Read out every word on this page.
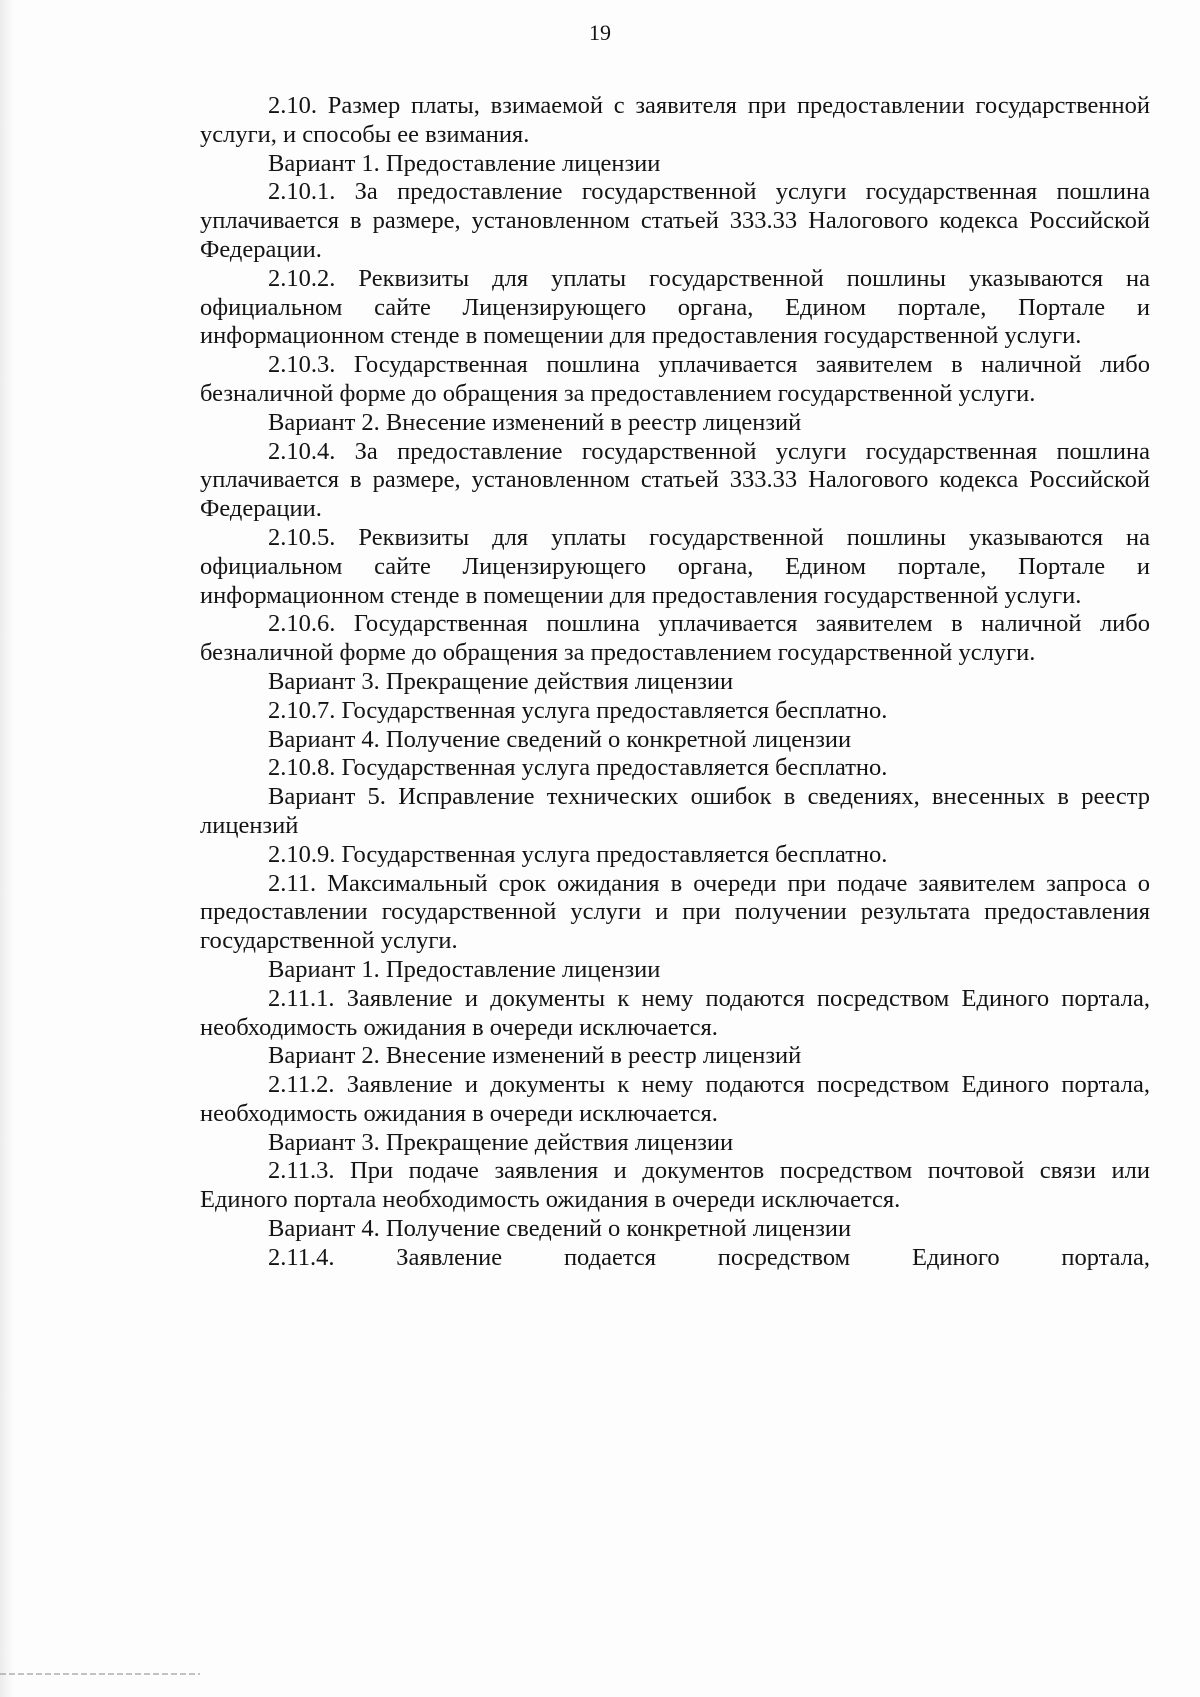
19

2.10. Размер платы, взимаемой с заявителя при предоставлении государственной услуги, и способы ее взимания.

Вариант 1. Предоставление лицензии

2.10.1. За предоставление государственной услуги государственная пошлина уплачивается в размере, установленном статьей 333.33 Налогового кодекса Российской Федерации.

2.10.2. Реквизиты для уплаты государственной пошлины указываются на официальном сайте Лицензирующего органа, Едином портале, Портале и информационном стенде в помещении для предоставления государственной услуги.

2.10.3. Государственная пошлина уплачивается заявителем в наличной либо безналичной форме до обращения за предоставлением государственной услуги.

Вариант 2. Внесение изменений в реестр лицензий

2.10.4. За предоставление государственной услуги государственная пошлина уплачивается в размере, установленном статьей 333.33 Налогового кодекса Российской Федерации.

2.10.5. Реквизиты для уплаты государственной пошлины указываются на официальном сайте Лицензирующего органа, Едином портале, Портале и информационном стенде в помещении для предоставления государственной услуги.

2.10.6. Государственная пошлина уплачивается заявителем в наличной либо безналичной форме до обращения за предоставлением государственной услуги.

Вариант 3. Прекращение действия лицензии

2.10.7. Государственная услуга предоставляется бесплатно.

Вариант 4. Получение сведений о конкретной лицензии

2.10.8. Государственная услуга предоставляется бесплатно.

Вариант 5. Исправление технических ошибок в сведениях, внесенных в реестр лицензий

2.10.9. Государственная услуга предоставляется бесплатно.

2.11. Максимальный срок ожидания в очереди при подаче заявителем запроса о предоставлении государственной услуги и при получении результата предоставления государственной услуги.

Вариант 1. Предоставление лицензии

2.11.1. Заявление и документы к нему подаются посредством Единого портала, необходимость ожидания в очереди исключается.

Вариант 2. Внесение изменений в реестр лицензий

2.11.2. Заявление и документы к нему подаются посредством Единого портала, необходимость ожидания в очереди исключается.

Вариант 3. Прекращение действия лицензии

2.11.3. При подаче заявления и документов посредством почтовой связи или Единого портала необходимость ожидания в очереди исключается.

Вариант 4. Получение сведений о конкретной лицензии

2.11.4. Заявление подается посредством Единого портала,
